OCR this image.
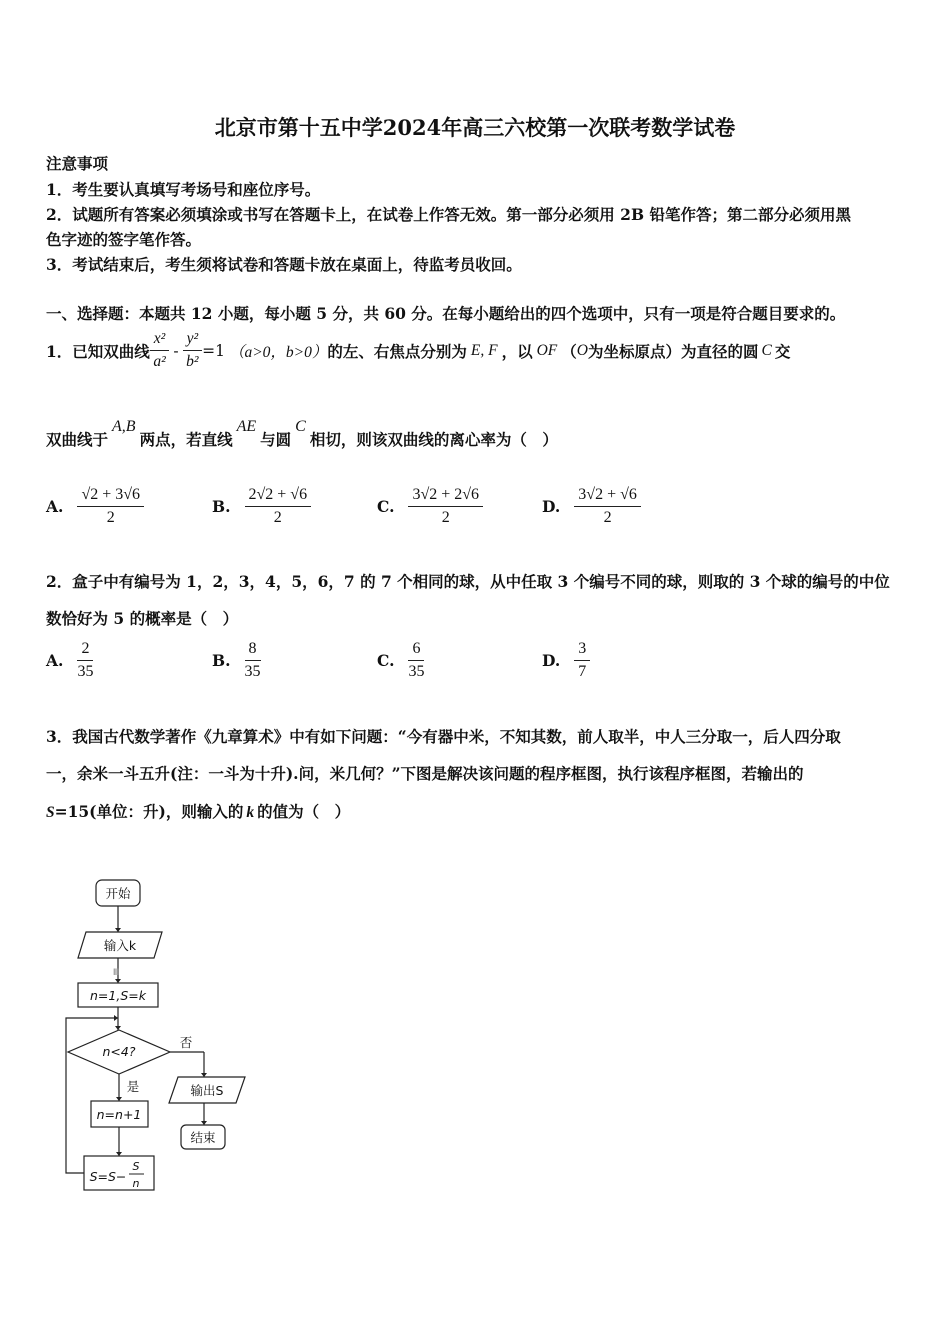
北京市第十五中学2024年高三六校第一次联考数学试卷
注意事项
1．考生要认真填写考场号和座位序号。
2．试题所有答案必须填涂或书写在答题卡上，在试卷上作答无效。第一部分必须用 2B 铅笔作答；第二部分必须用黑
色字迹的签字笔作答。
3．考试结束后，考生须将试卷和答题卡放在桌面上，待监考员收回。
一、选择题：本题共 12 小题，每小题 5 分，共 60 分。在每小题给出的四个选项中，只有一项是符合题目要求的。
1．已知双曲线 $\frac{\text{x²}}{\text{a²}} - \frac{\text{y²}}{\text{b²}} =1$ （a>0，b>0） 的左、右焦点分别为 E, F ，以 OF （ O 为坐标原点）为直径的圆 C 交
双曲线于
A,B
两点，若直线
AE
与圆
C
相切，则该双曲线的离心率为（　）
A. $\frac{√2 + 3√6}{2}$	B. $\frac{2√2 + √6}{2}$	C. $\frac{3√2 + 2√6}{2}$	D. $\frac{3√2 + √6}{2}$
2．盒子中有编号为 1，2，3，4，5，6，7 的 7 个相同的球，从中任取 3 个编号不同的球，则取的 3 个球的编号的中位
数恰好为 5 的概率是（　）
A. $\frac{2}{35}$	B. $\frac{8}{35}$	C. $\frac{6}{35}$	D. $\frac{3}{7}$
3．我国古代数学著作《九章算术》中有如下问题：“今有器中米，不知其数，前人取半，中人三分取一，后人四分取
一，余米一斗五升(注：一斗为十升).问，米几何？”下图是解决该问题的程序框图，执行该程序框图，若输出的
S=15(单位：升)，则输入的 k 的值为（　）
开始
输入k
Ⅲ
n=1,S=k
n<4?
否
是	输出S
结束
n=n+1
S=S−
S
n
